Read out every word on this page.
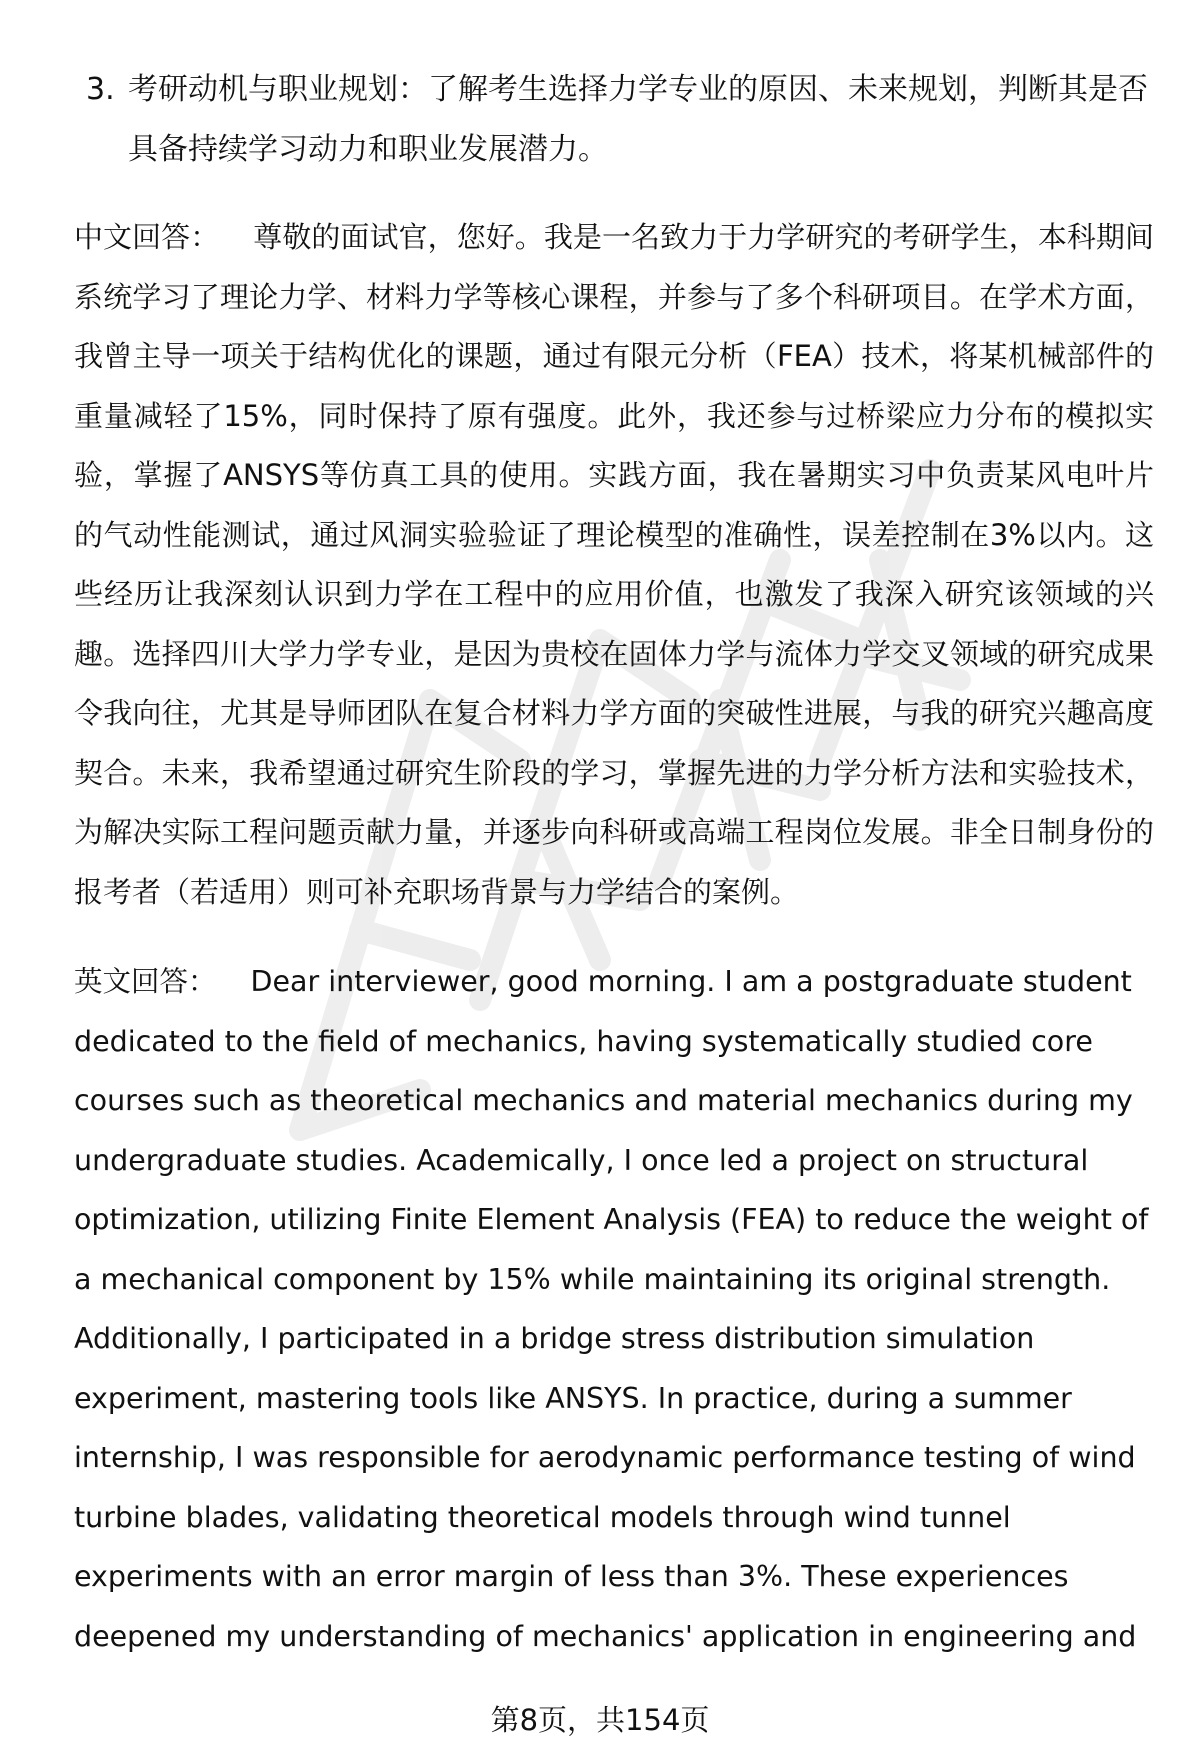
3. 考研动机与职业规划：了解考生选择力学专业的原因、未来规划，判断其是否具备持续学习动力和职业发展潜力。
中文回答： 尊敬的面试官，您好。我是一名致力于力学研究的考研学生，本科期间系统学习了理论力学、材料力学等核心课程，并参与了多个科研项目。在学术方面，我曾主导一项关于结构优化的课题，通过有限元分析（FEA）技术，将某机械部件的重量减轻了15%，同时保持了原有强度。此外，我还参与过桥梁应力分布的模拟实验，掌握了ANSYS等仿真工具的使用。实践方面，我在暑期实习中负责某风电叶片的气动性能测试，通过风洞实验验证了理论模型的准确性，误差控制在3%以内。这些经历让我深刻认识到力学在工程中的应用价值，也激发了我深入研究该领域的兴趣。选择四川大学力学专业，是因为贵校在固体力学与流体力学交叉领域的研究成果令我向往，尤其是导师团队在复合材料力学方面的突破性进展，与我的研究兴趣高度契合。未来，我希望通过研究生阶段的学习，掌握先进的力学分析方法和实验技术，为解决实际工程问题贡献力量，并逐步向科研或高端工程岗位发展。非全日制身份的报考者（若适用）则可补充职场背景与力学结合的案例。
英文回答： Dear interviewer, good morning. I am a postgraduate student dedicated to the field of mechanics, having systematically studied core courses such as theoretical mechanics and material mechanics during my undergraduate studies. Academically, I once led a project on structural optimization, utilizing Finite Element Analysis (FEA) to reduce the weight of a mechanical component by 15% while maintaining its original strength. Additionally, I participated in a bridge stress distribution simulation experiment, mastering tools like ANSYS. In practice, during a summer internship, I was responsible for aerodynamic performance testing of wind turbine blades, validating theoretical models through wind tunnel experiments with an error margin of less than 3%. These experiences deepened my understanding of mechanics' application in engineering and
第8页，共154页
